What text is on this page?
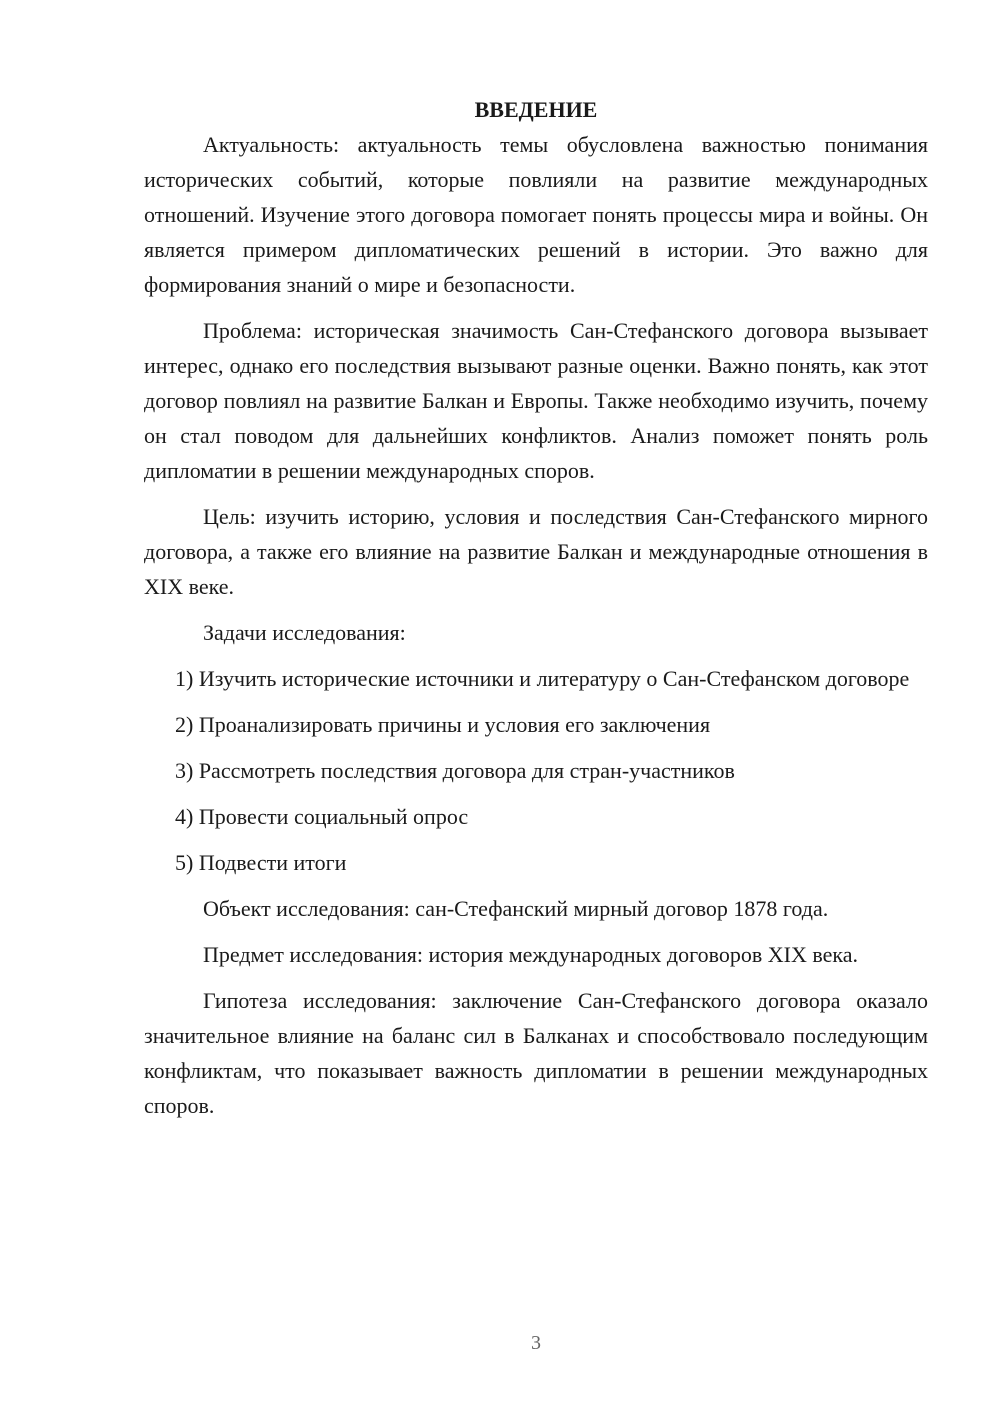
ВВЕДЕНИЕ

Актуальность: актуальность темы обусловлена важностью понимания исторических событий, которые повлияли на развитие международных отношений. Изучение этого договора помогает понять процессы мира и войны. Он является примером дипломатических решений в истории. Это важно для формирования знаний о мире и безопасности.

Проблема: историческая значимость Сан-Стефанского договора вызывает интерес, однако его последствия вызывают разные оценки. Важно понять, как этот договор повлиял на развитие Балкан и Европы. Также необходимо изучить, почему он стал поводом для дальнейших конфликтов. Анализ поможет понять роль дипломатии в решении международных споров.

Цель: изучить историю, условия и последствия Сан-Стефанского мирного договора, а также его влияние на развитие Балкан и международные отношения в XIX веке.

Задачи исследования:

1) Изучить исторические источники и литературу о Сан-Стефанском договоре

2) Проанализировать причины и условия его заключения

3) Рассмотреть последствия договора для стран-участников

4) Провести социальный опрос

5) Подвести итоги

Объект исследования: сан-Стефанский мирный договор 1878 года.

Предмет исследования: история международных договоров XIX века.

Гипотеза исследования: заключение Сан-Стефанского договора оказало значительное влияние на баланс сил в Балканах и способствовало последующим конфликтам, что показывает важность дипломатии в решении международных споров.

3
